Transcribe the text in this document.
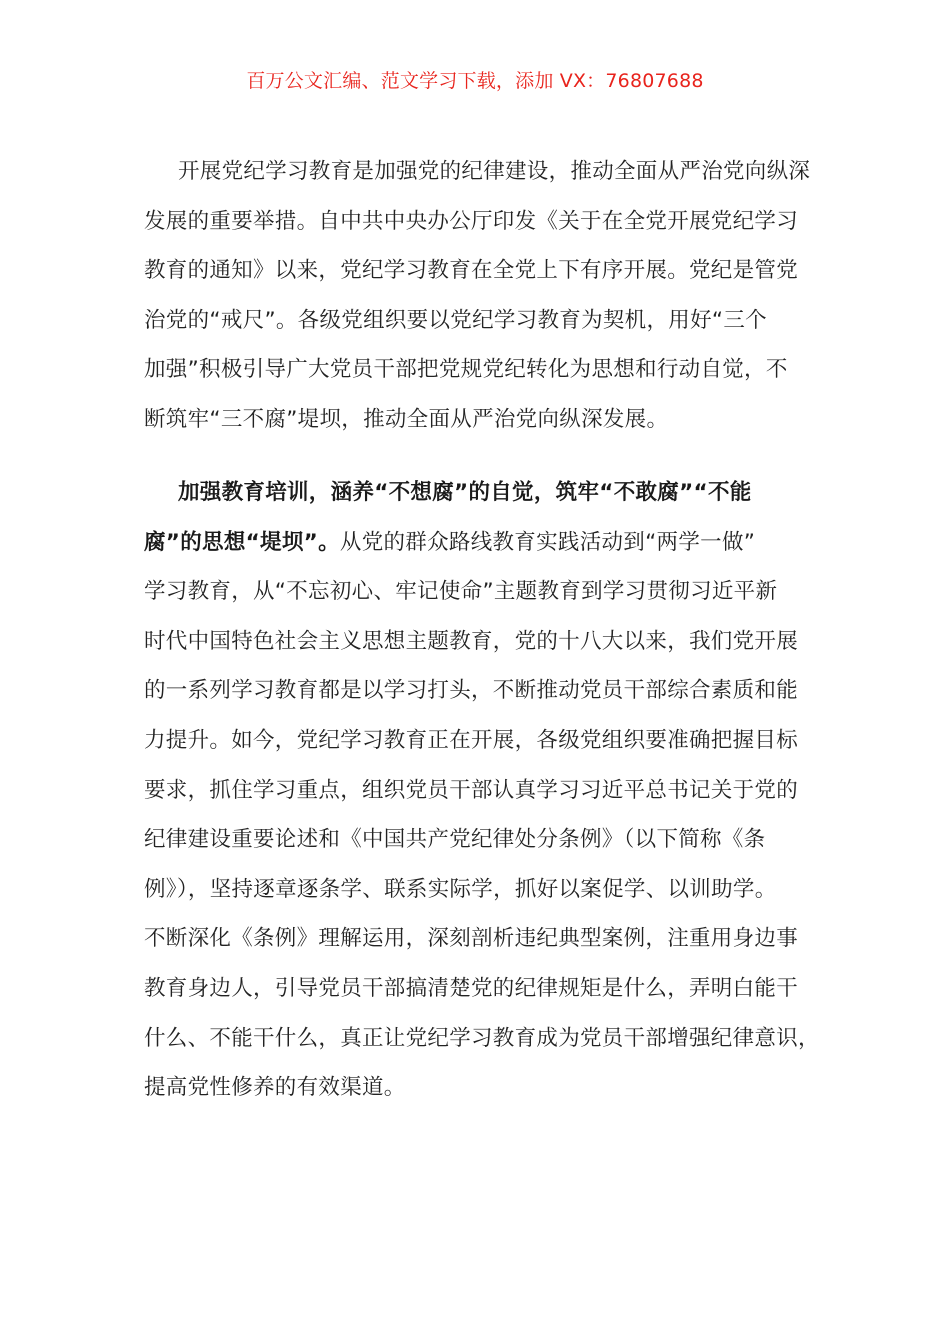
百万公文汇编、范文学习下载，添加 VX：76807688

开展党纪学习教育是加强党的纪律建设，推动全面从严治党向纵深
发展的重要举措。自中共中央办公厅印发《关于在全党开展党纪学习
教育的通知》以来，党纪学习教育在全党上下有序开展。党纪是管党
治党的“戒尺”。各级党组织要以党纪学习教育为契机，用好“三个
加强”积极引导广大党员干部把党规党纪转化为思想和行动自觉，不
断筑牢“三不腐”堤坝，推动全面从严治党向纵深发展。

加强教育培训，涵养“不想腐”的自觉，筑牢“不敢腐”“不能
腐”的思想“堤坝”。从党的群众路线教育实践活动到“两学一做”
学习教育，从“不忘初心、牢记使命”主题教育到学习贯彻习近平新
时代中国特色社会主义思想主题教育，党的十八大以来，我们党开展
的一系列学习教育都是以学习打头，不断推动党员干部综合素质和能
力提升。如今，党纪学习教育正在开展，各级党组织要准确把握目标
要求，抓住学习重点，组织党员干部认真学习习近平总书记关于党的
纪律建设重要论述和《中国共产党纪律处分条例》（以下简称《条
例》），坚持逐章逐条学、联系实际学，抓好以案促学、以训助学。
不断深化《条例》理解运用，深刻剖析违纪典型案例，注重用身边事
教育身边人，引导党员干部搞清楚党的纪律规矩是什么，弄明白能干
什么、不能干什么，真正让党纪学习教育成为党员干部增强纪律意识，
提高党性修养的有效渠道。
